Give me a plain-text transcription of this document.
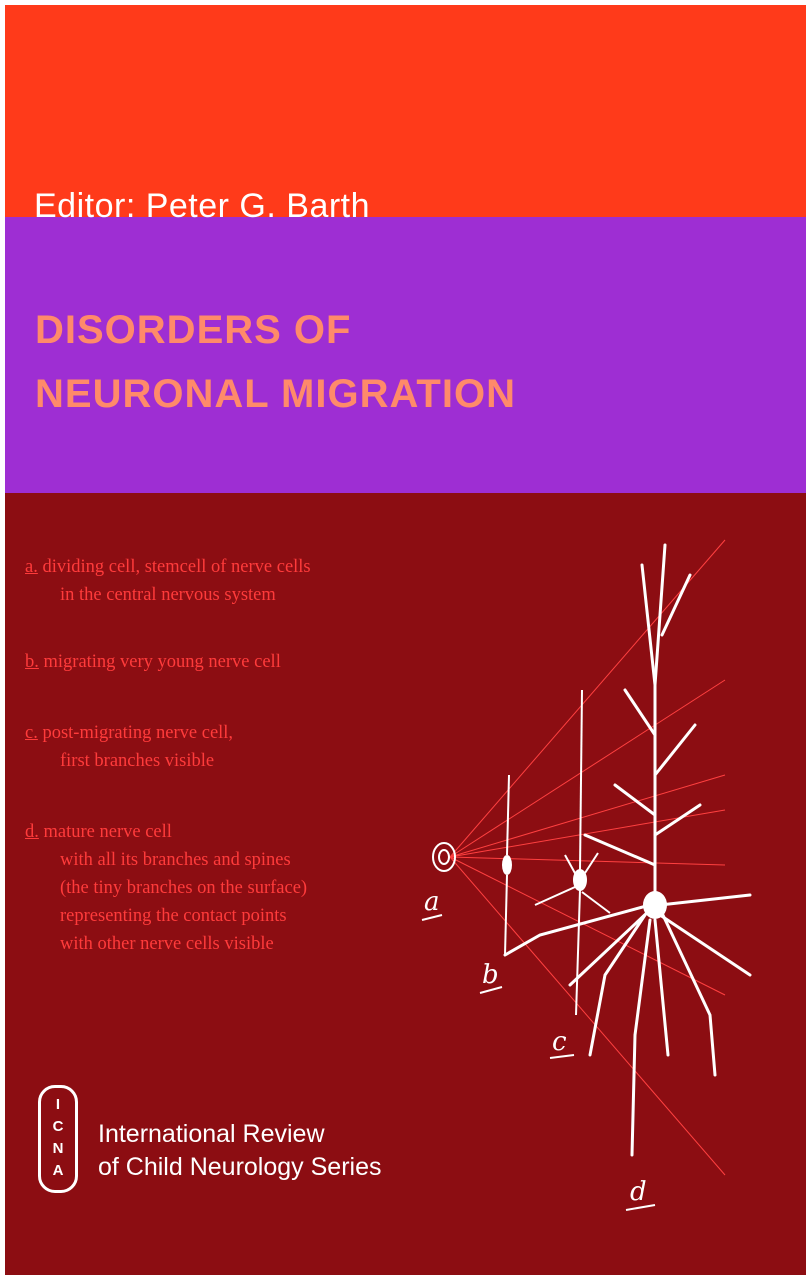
Editor: Peter G. Barth
DISORDERS OF
NEURONAL MIGRATION
a. dividing cell, stemcell of nerve cells
in the central nervous system
b. migrating very young nerve cell
c. post-migrating nerve cell,
first branches visible
d. mature nerve cell
with all its branches and spines
(the tiny branches on the surface)
representing the contact points
with other nerve cells visible
a
b
c
d
I
C
N
A
International Review
of Child Neurology Series
